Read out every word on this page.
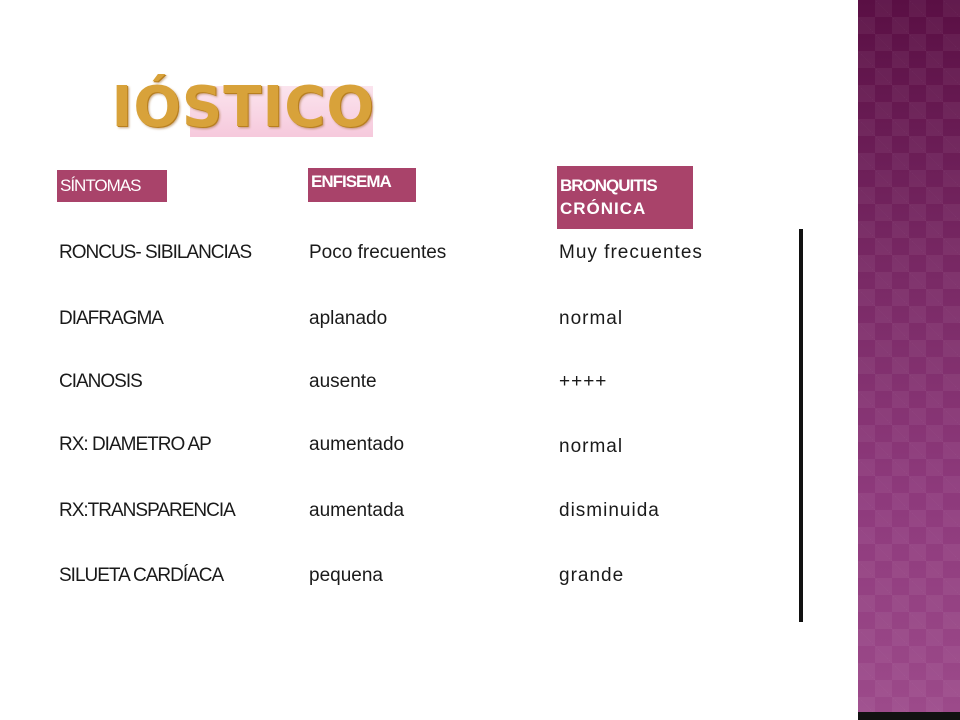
IÓSTICO
SÍNTOMAS	ENFISEMA	BRONQUITIS
CRÓNICA
RONCUS- SIBILANCIAS	Poco frecuentes	Muy frecuentes
DIAFRAGMA	aplanado	normal
CIANOSIS	ausente	++++
RX: DIAMETRO AP	aumentado	normal
RX:TRANSPARENCIA	aumentada	disminuida
SILUETA CARDÍACA	pequena	grande
